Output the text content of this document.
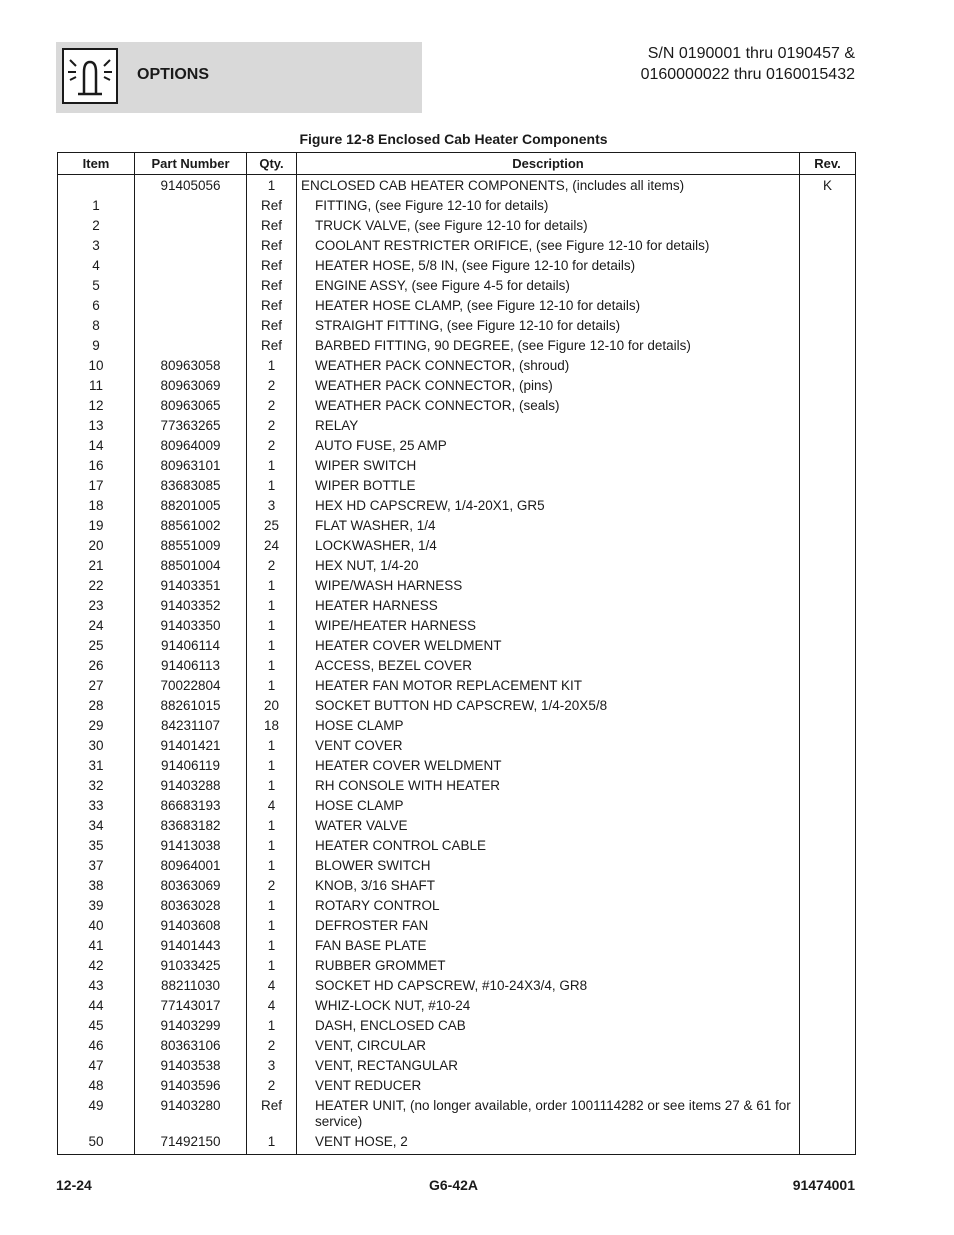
OPTIONS
S/N 0190001 thru 0190457 &
0160000022 thru 0160015432
Figure 12-8 Enclosed Cab Heater Components
Item	Part Number	Qty.	Description	Rev.
	91405056	1	ENCLOSED CAB HEATER COMPONENTS, (includes all items)	K
1		Ref	FITTING, (see Figure 12-10 for details)	
2		Ref	TRUCK VALVE, (see Figure 12-10 for details)	
3		Ref	COOLANT RESTRICTER ORIFICE, (see Figure 12-10 for details)	
4		Ref	HEATER HOSE, 5/8 IN, (see Figure 12-10 for details)	
5		Ref	ENGINE ASSY, (see Figure 4-5 for details)	
6		Ref	HEATER HOSE CLAMP, (see Figure 12-10 for details)	
8		Ref	STRAIGHT FITTING, (see Figure 12-10 for details)	
9		Ref	BARBED FITTING, 90 DEGREE, (see Figure 12-10 for details)	
10	80963058	1	WEATHER PACK CONNECTOR, (shroud)	
11	80963069	2	WEATHER PACK CONNECTOR, (pins)	
12	80963065	2	WEATHER PACK CONNECTOR, (seals)	
13	77363265	2	RELAY	
14	80964009	2	AUTO FUSE, 25 AMP	
16	80963101	1	WIPER SWITCH	
17	83683085	1	WIPER BOTTLE	
18	88201005	3	HEX HD CAPSCREW, 1/4-20X1, GR5	
19	88561002	25	FLAT WASHER, 1/4	
20	88551009	24	LOCKWASHER, 1/4	
21	88501004	2	HEX NUT, 1/4-20	
22	91403351	1	WIPE/WASH HARNESS	
23	91403352	1	HEATER HARNESS	
24	91403350	1	WIPE/HEATER HARNESS	
25	91406114	1	HEATER COVER WELDMENT	
26	91406113	1	ACCESS, BEZEL COVER	
27	70022804	1	HEATER FAN MOTOR REPLACEMENT KIT	
28	88261015	20	SOCKET BUTTON HD CAPSCREW, 1/4-20X5/8	
29	84231107	18	HOSE CLAMP	
30	91401421	1	VENT COVER	
31	91406119	1	HEATER COVER WELDMENT	
32	91403288	1	RH CONSOLE WITH HEATER	
33	86683193	4	HOSE CLAMP	
34	83683182	1	WATER VALVE	
35	91413038	1	HEATER CONTROL CABLE	
37	80964001	1	BLOWER SWITCH	
38	80363069	2	KNOB, 3/16 SHAFT	
39	80363028	1	ROTARY CONTROL	
40	91403608	1	DEFROSTER FAN	
41	91401443	1	FAN BASE PLATE	
42	91033425	1	RUBBER GROMMET	
43	88211030	4	SOCKET HD CAPSCREW, #10-24X3/4, GR8	
44	77143017	4	WHIZ-LOCK NUT, #10-24	
45	91403299	1	DASH, ENCLOSED CAB	
46	80363106	2	VENT, CIRCULAR	
47	91403538	3	VENT, RECTANGULAR	
48	91403596	2	VENT REDUCER	
49	91403280	Ref	HEATER UNIT, (no longer available, order 1001114282 or see items 27 & 61 for service)	
50	71492150	1	VENT HOSE, 2	
12-24	G6-42A	91474001
